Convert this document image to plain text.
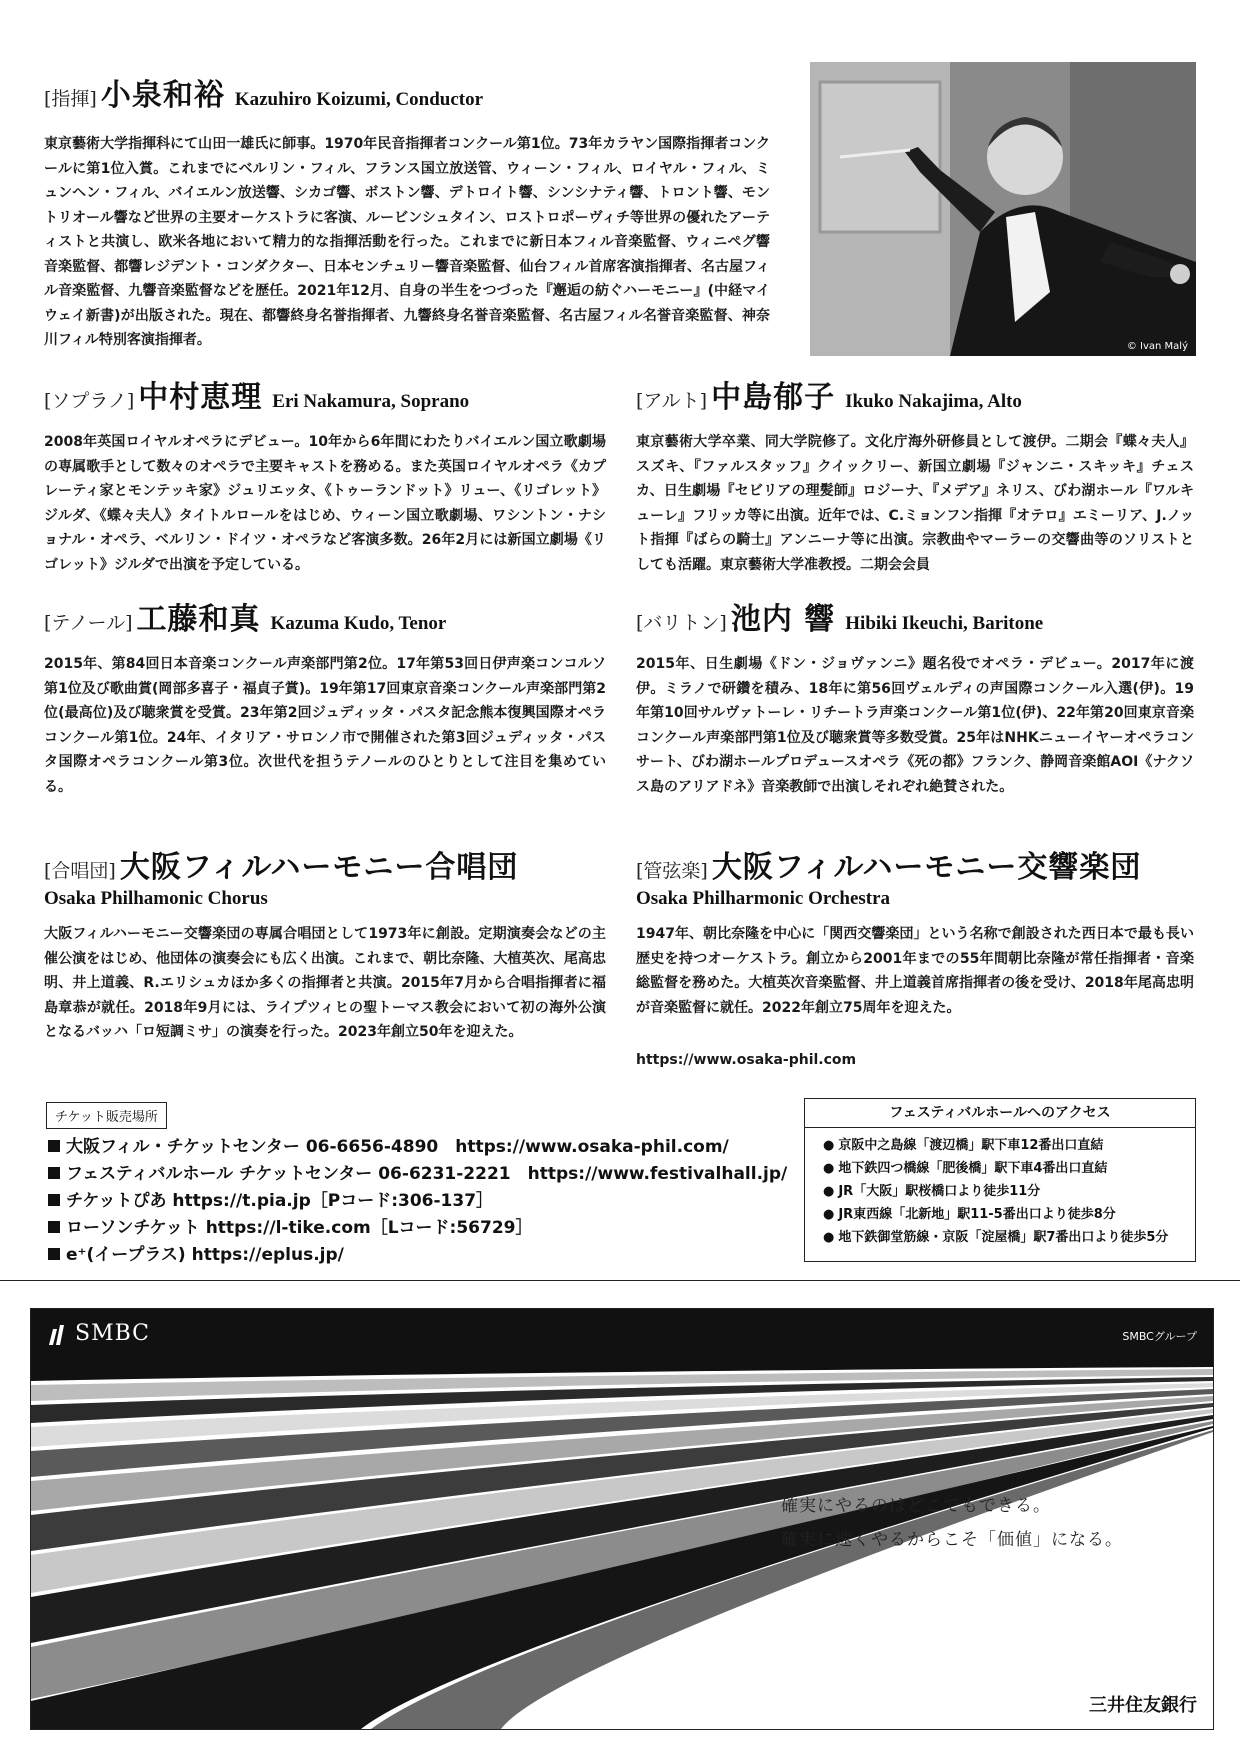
[指揮] 小泉和裕 Kazuhiro Koizumi, Conductor
東京藝術大学指揮科にて山田一雄氏に師事。1970年民音指揮者コンクール第1位。73年カラヤン国際指揮者コンクールに第1位入賞。これまでにベルリン・フィル、フランス国立放送管、ウィーン・フィル、ロイヤル・フィル、ミュンヘン・フィル、バイエルン放送響、シカゴ響、ボストン響、デトロイト響、シンシナティ響、トロント響、モントリオール響など世界の主要オーケストラに客演、ルービンシュタイン、ロストロポーヴィチ等世界の優れたアーティストと共演し、欧米各地において精力的な指揮活動を行った。これまでに新日本フィル音楽監督、ウィニペグ響音楽監督、都響レジデント・コンダクター、日本センチュリー響音楽監督、仙台フィル首席客演指揮者、名古屋フィル音楽監督、九響音楽監督などを歴任。2021年12月、自身の半生をつづった『邂逅の紡ぐハーモニー』(中経マイウェイ新書)が出版された。現在、都響終身名誉指揮者、九響終身名誉音楽監督、名古屋フィル名誉音楽監督、神奈川フィル特別客演指揮者。	© Ivan Malý
[ソプラノ] 中村恵理 Eri Nakamura, Soprano
2008年英国ロイヤルオペラにデビュー。10年から6年間にわたりバイエルン国立歌劇場の専属歌手として数々のオペラで主要キャストを務める。また英国ロイヤルオペラ《カプレーティ家とモンテッキ家》ジュリエッタ、《トゥーランドット》リュー、《リゴレット》ジルダ、《蝶々夫人》タイトルロールをはじめ、ウィーン国立歌劇場、ワシントン・ナショナル・オペラ、ベルリン・ドイツ・オペラなど客演多数。26年2月には新国立劇場《リゴレット》ジルダで出演を予定している。
[アルト] 中島郁子 Ikuko Nakajima, Alto
東京藝術大学卒業、同大学院修了。文化庁海外研修員として渡伊。二期会『蝶々夫人』スズキ、『ファルスタッフ』クイックリー、新国立劇場『ジャンニ・スキッキ』チェスカ、日生劇場『セビリアの理髪師』ロジーナ、『メデア』ネリス、びわ湖ホール『ワルキューレ』フリッカ等に出演。近年では、C.ミョンフン指揮『オテロ』エミーリア、J.ノット指揮『ばらの騎士』アンニーナ等に出演。宗教曲やマーラーの交響曲等のソリストとしても活躍。東京藝術大学准教授。二期会会員
[テノール] 工藤和真 Kazuma Kudo, Tenor
2015年、第84回日本音楽コンクール声楽部門第2位。17年第53回日伊声楽コンコルソ第1位及び歌曲賞(岡部多喜子・福貞子賞)。19年第17回東京音楽コンクール声楽部門第2位(最高位)及び聴衆賞を受賞。23年第2回ジュディッタ・パスタ記念熊本復興国際オペラコンクール第1位。24年、イタリア・サロンノ市で開催された第3回ジュディッタ・パスタ国際オペラコンクール第3位。次世代を担うテノールのひとりとして注目を集めている。
[バリトン] 池内 響 Hibiki Ikeuchi, Baritone
2015年、日生劇場《ドン・ジョヴァンニ》題名役でオペラ・デビュー。2017年に渡伊。ミラノで研鑽を積み、18年に第56回ヴェルディの声国際コンクール入選(伊)。19年第10回サルヴァトーレ・リチートラ声楽コンクール第1位(伊)、22年第20回東京音楽コンクール声楽部門第1位及び聴衆賞等多数受賞。25年はNHKニューイヤーオペラコンサート、びわ湖ホールプロデュースオペラ《死の都》フランク、静岡音楽館AOI《ナクソス島のアリアドネ》音楽教師で出演しそれぞれ絶賛された。
[合唱団] 大阪フィルハーモニー合唱団
Osaka Philhamonic Chorus
大阪フィルハーモニー交響楽団の専属合唱団として1973年に創設。定期演奏会などの主催公演をはじめ、他団体の演奏会にも広く出演。これまで、朝比奈隆、大植英次、尾高忠明、井上道義、R.エリシュカほか多くの指揮者と共演。2015年7月から合唱指揮者に福島章恭が就任。2018年9月には、ライプツィヒの聖トーマス教会において初の海外公演となるバッハ「ロ短調ミサ」の演奏を行った。2023年創立50年を迎えた。
[管弦楽] 大阪フィルハーモニー交響楽団
Osaka Philharmonic Orchestra
1947年、朝比奈隆を中心に「関西交響楽団」という名称で創設された西日本で最も長い歴史を持つオーケストラ。創立から2001年までの55年間朝比奈隆が常任指揮者・音楽総監督を務めた。大植英次音楽監督、井上道義首席指揮者の後を受け、2018年尾高忠明が音楽監督に就任。2022年創立75周年を迎えた。
https://www.osaka-phil.com
チケット販売場所
大阪フィル・チケットセンター 06-6656-4890　https://www.osaka-phil.com/
フェスティバルホール チケットセンター 06-6231-2221　https://www.festivalhall.jp/
チケットぴあ https://t.pia.jp［Pコード:306-137］
ローソンチケット https://l-tike.com［Lコード:56729］
e⁺(イープラス) https://eplus.jp/
フェスティバルホールへのアクセス
● 京阪中之島線「渡辺橋」駅下車12番出口直結
● 地下鉄四つ橋線「肥後橋」駅下車4番出口直結
● JR「大阪」駅桜橋口より徒歩11分
● JR東西線「北新地」駅11-5番出口より徒歩8分
● 地下鉄御堂筋線・京阪「淀屋橋」駅7番出口より徒歩5分
SMBC	SMBCグループ
確実にやるのはどこでもできる。
確実に速くやるからこそ「価値」になる。
三井住友銀行
